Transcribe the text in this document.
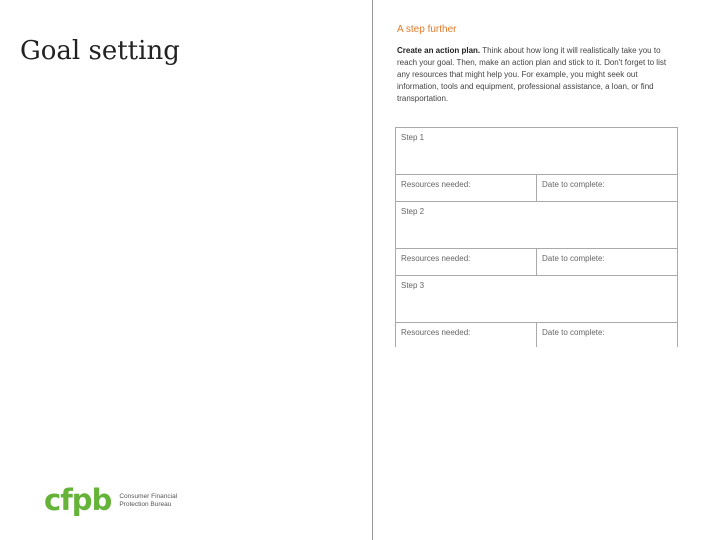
Goal setting
cfpb Consumer Financial
Protection Bureau
A step further

Create an action plan. Think about how long it will realistically take you to reach your goal. Then, make an action plan and stick to it. Don't forget to list any resources that might help you. For example, you might seek out information, tools and equipment, professional assistance, a loan, or find transportation.

Step 1	
Resources needed:	Date to complete:
Step 2	
Resources needed:	Date to complete:
Step 3	
Resources needed:	Date to complete:
